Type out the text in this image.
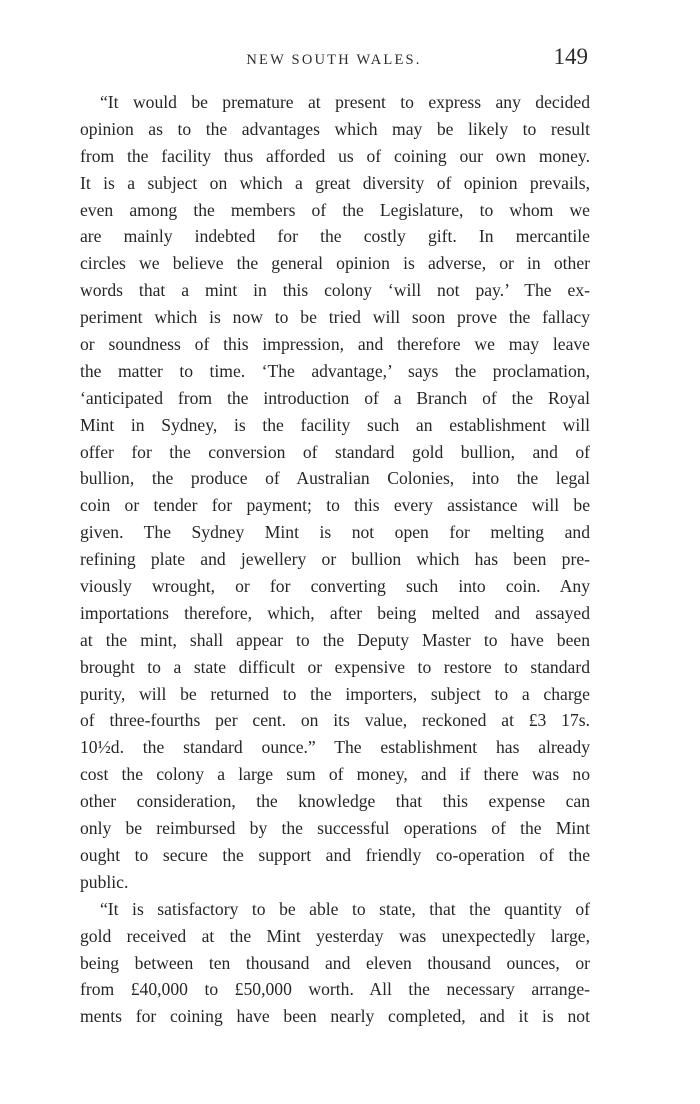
NEW SOUTH WALES.	149
“It would be premature at present to express any decided
opinion as to the advantages which may be likely to result
from the facility thus afforded us of coining our own money.
It is a subject on which a great diversity of opinion prevails,
even among the members of the Legislature, to whom we
are mainly indebted for the costly gift. In mercantile
circles we believe the general opinion is adverse, or in other
words that a mint in this colony ‘will not pay.’ The ex-
periment which is now to be tried will soon prove the fallacy
or soundness of this impression, and therefore we may leave
the matter to time. ‘The advantage,’ says the proclamation,
‘anticipated from the introduction of a Branch of the Royal
Mint in Sydney, is the facility such an establishment will
offer for the conversion of standard gold bullion, and of
bullion, the produce of Australian Colonies, into the legal
coin or tender for payment; to this every assistance will be
given. The Sydney Mint is not open for melting and
refining plate and jewellery or bullion which has been pre-
viously wrought, or for converting such into coin. Any
importations therefore, which, after being melted and assayed
at the mint, shall appear to the Deputy Master to have been
brought to a state difficult or expensive to restore to standard
purity, will be returned to the importers, subject to a charge
of three-fourths per cent. on its value, reckoned at £3 17s.
10½d. the standard ounce.” The establishment has already
cost the colony a large sum of money, and if there was no
other consideration, the knowledge that this expense can
only be reimbursed by the successful operations of the Mint
ought to secure the support and friendly co-operation of the
public.
“It is satisfactory to be able to state, that the quantity of
gold received at the Mint yesterday was unexpectedly large,
being between ten thousand and eleven thousand ounces, or
from £40,000 to £50,000 worth. All the necessary arrange-
ments for coining have been nearly completed, and it is not
